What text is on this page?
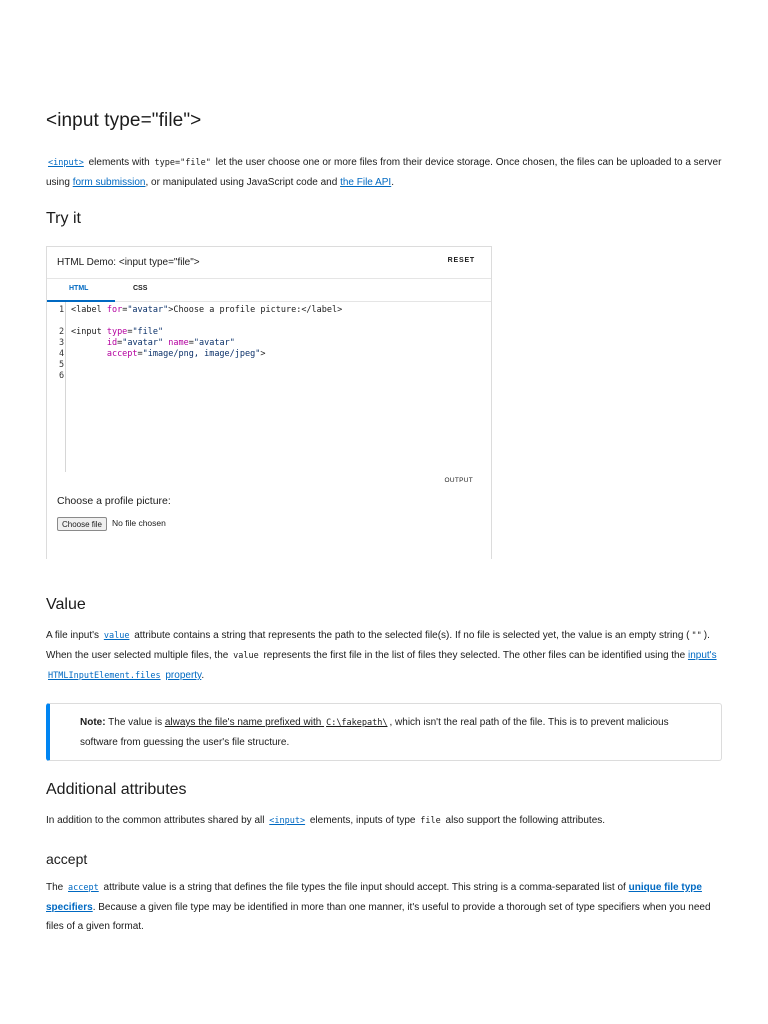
<input type="file">
<input> elements with type="file" let the user choose one or more files from their device storage. Once chosen, the files can be uploaded to a server using form submission, or manipulated using JavaScript code and the File API.
Try it
HTML Demo: <input type="file">	RESET
HTML	CSS
1
2
3
4
5
6
<label for="avatar">Choose a profile picture:</label>
<input type="file"
id="avatar" name="avatar"
accept="image/png, image/jpeg">
OUTPUT
Choose a profile picture:
Choose file	No file chosen
Value
A file input's value attribute contains a string that represents the path to the selected file(s). If no file is selected yet, the value is an empty string ( "" ). When the user selected multiple files, the value represents the first file in the list of files they selected. The other files can be identified using the input's HTMLInputElement.files property.
Note: The value is always the file's name prefixed with C:\fakepath\ , which isn't the real path of the file. This is to prevent malicious software from guessing the user's file structure.
Additional attributes
In addition to the common attributes shared by all <input> elements, inputs of type file also support the following attributes.
accept
The accept attribute value is a string that defines the file types the file input should accept. This string is a comma-separated list of unique file type specifiers. Because a given file type may be identified in more than one manner, it's useful to provide a thorough set of type specifiers when you need files of a given format.
